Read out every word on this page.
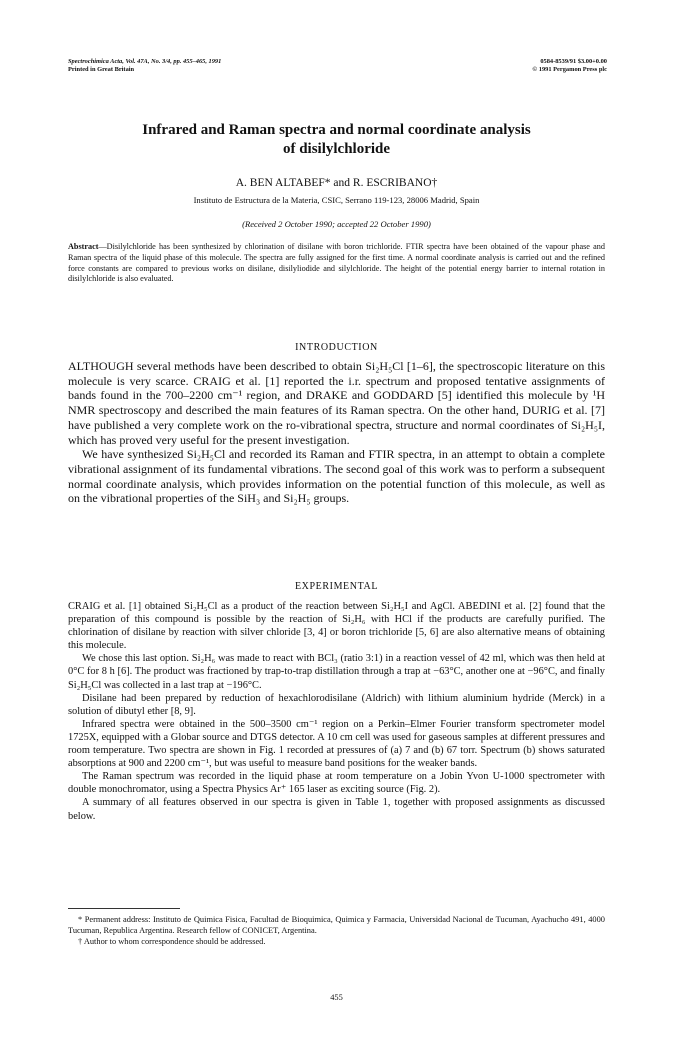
Spectrochimica Acta, Vol. 47A, No. 3/4, pp. 455–465, 1991
Printed in Great Britain
0584-8539/91 $3.00+0.00
© 1991 Pergamon Press plc
Infrared and Raman spectra and normal coordinate analysis
of disilylchloride
A. BEN ALTABEF* and R. ESCRIBANO†
Instituto de Estructura de la Materia, CSIC, Serrano 119-123, 28006 Madrid, Spain
(Received 2 October 1990; accepted 22 October 1990)
Abstract—Disilylchloride has been synthesized by chlorination of disilane with boron trichloride. FTIR spectra have been obtained of the vapour phase and Raman spectra of the liquid phase of this molecule. The spectra are fully assigned for the first time. A normal coordinate analysis is carried out and the refined force constants are compared to previous works on disilane, disilyliodide and silylchloride. The height of the potential energy barrier to internal rotation in disilylchloride is also evaluated.
INTRODUCTION

ALTHOUGH several methods have been described to obtain Si₂H₅Cl [1–6], the spectroscopic literature on this molecule is very scarce. CRAIG et al. [1] reported the i.r. spectrum and proposed tentative assignments of bands found in the 700–2200 cm⁻¹ region, and DRAKE and GODDARD [5] identified this molecule by ¹H NMR spectroscopy and described the main features of its Raman spectra. On the other hand, DURIG et al. [7] have published a very complete work on the ro-vibrational spectra, structure and normal coordinates of Si₂H₅I, which has proved very useful for the present investigation.

We have synthesized Si₂H₅Cl and recorded its Raman and FTIR spectra, in an attempt to obtain a complete vibrational assignment of its fundamental vibrations. The second goal of this work was to perform a subsequent normal coordinate analysis, which provides information on the potential function of this molecule, as well as on the vibrational properties of the SiH₃ and Si₂H₅ groups.

EXPERIMENTAL

CRAIG et al. [1] obtained Si₂H₅Cl as a product of the reaction between Si₂H₅I and AgCl. ABEDINI et al. [2] found that the preparation of this compound is possible by the reaction of Si₂H₆ with HCl if the products are carefully purified. The chlorination of disilane by reaction with silver chloride [3, 4] or boron trichloride [5, 6] are also alternative means of obtaining this molecule.

We chose this last option. Si₂H₆ was made to react with BCl₃ (ratio 3:1) in a reaction vessel of 42 ml, which was then held at 0°C for 8 h [6]. The product was fractioned by trap-to-trap distillation through a trap at −63°C, another one at −96°C, and finally Si₂H₅Cl was collected in a last trap at −196°C.

Disilane had been prepared by reduction of hexachlorodisilane (Aldrich) with lithium aluminium hydride (Merck) in a solution of dibutyl ether [8, 9].

Infrared spectra were obtained in the 500–3500 cm⁻¹ region on a Perkin–Elmer Fourier transform spectrometer model 1725X, equipped with a Globar source and DTGS detector. A 10 cm cell was used for gaseous samples at different pressures and room temperature. Two spectra are shown in Fig. 1 recorded at pressures of (a) 7 and (b) 67 torr. Spectrum (b) shows saturated absorptions at 900 and 2200 cm⁻¹, but was useful to measure band positions for the weaker bands.

The Raman spectrum was recorded in the liquid phase at room temperature on a Jobin Yvon U-1000 spectrometer with double monochromator, using a Spectra Physics Ar⁺ 165 laser as exciting source (Fig. 2).

A summary of all features observed in our spectra is given in Table 1, together with proposed assignments as discussed below.

* Permanent address: Instituto de Quimica Fisica, Facultad de Bioquimica, Quimica y Farmacia, Universidad Nacional de Tucuman, Ayachucho 491, 4000 Tucuman, Republica Argentina. Research fellow of CONICET, Argentina.

† Author to whom correspondence should be addressed.

455
